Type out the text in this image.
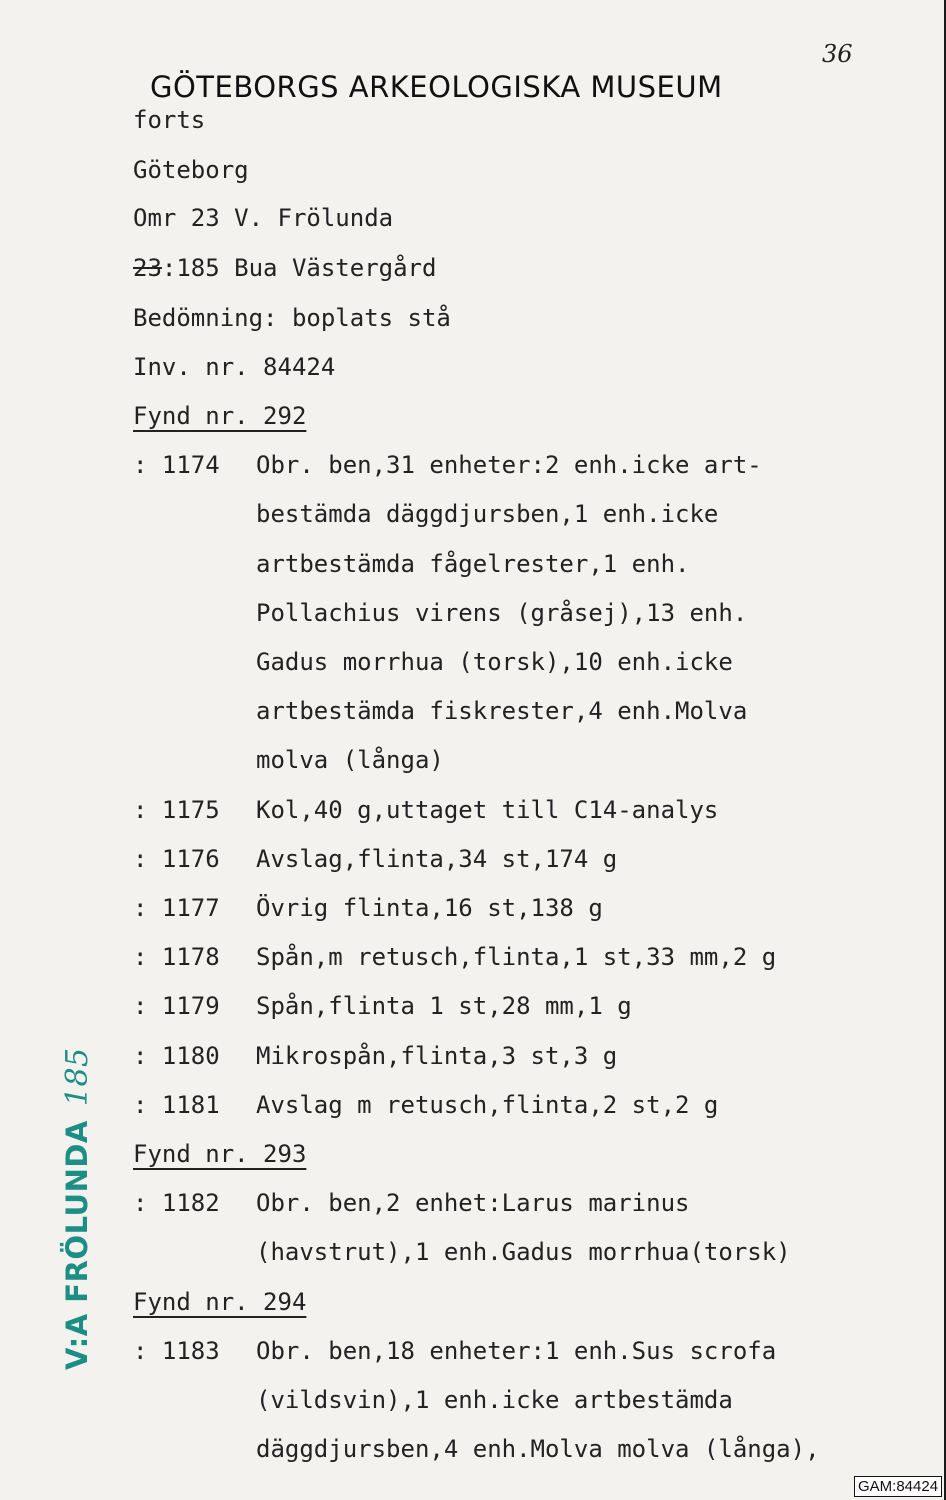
GÖTEBORGS ARKEOLOGISKA MUSEUM
36
forts
Göteborg
Omr 23 V. Frölunda
23:185 Bua Västergård
Bedömning: boplats stå
Inv. nr. 84424
Fynd nr. 292
: 1174 Obr. ben,31 enheter:2 enh.icke art-
bestämda däggdjursben,1 enh.icke
artbestämda fågelrester,1 enh.
Pollachius virens (gråsej),13 enh.
Gadus morrhua (torsk),10 enh.icke
artbestämda fiskrester,4 enh.Molva
molva (långa)
: 1175 Kol,40 g,uttaget till C14-analys
: 1176 Avslag,flinta,34 st,174 g
: 1177 Övrig flinta,16 st,138 g
: 1178 Spån,m retusch,flinta,1 st,33 mm,2 g
: 1179 Spån,flinta 1 st,28 mm,1 g
: 1180 Mikrospån,flinta,3 st,3 g
: 1181 Avslag m retusch,flinta,2 st,2 g
Fynd nr. 293
: 1182 Obr. ben,2 enhet:Larus marinus
(havstrut),1 enh.Gadus morrhua(torsk)
Fynd nr. 294
: 1183 Obr. ben,18 enheter:1 enh.Sus scrofa
(vildsvin),1 enh.icke artbestämda
däggdjursben,4 enh.Molva molva (långa),
V:A FRÖLUNDA185
GAM:84424
